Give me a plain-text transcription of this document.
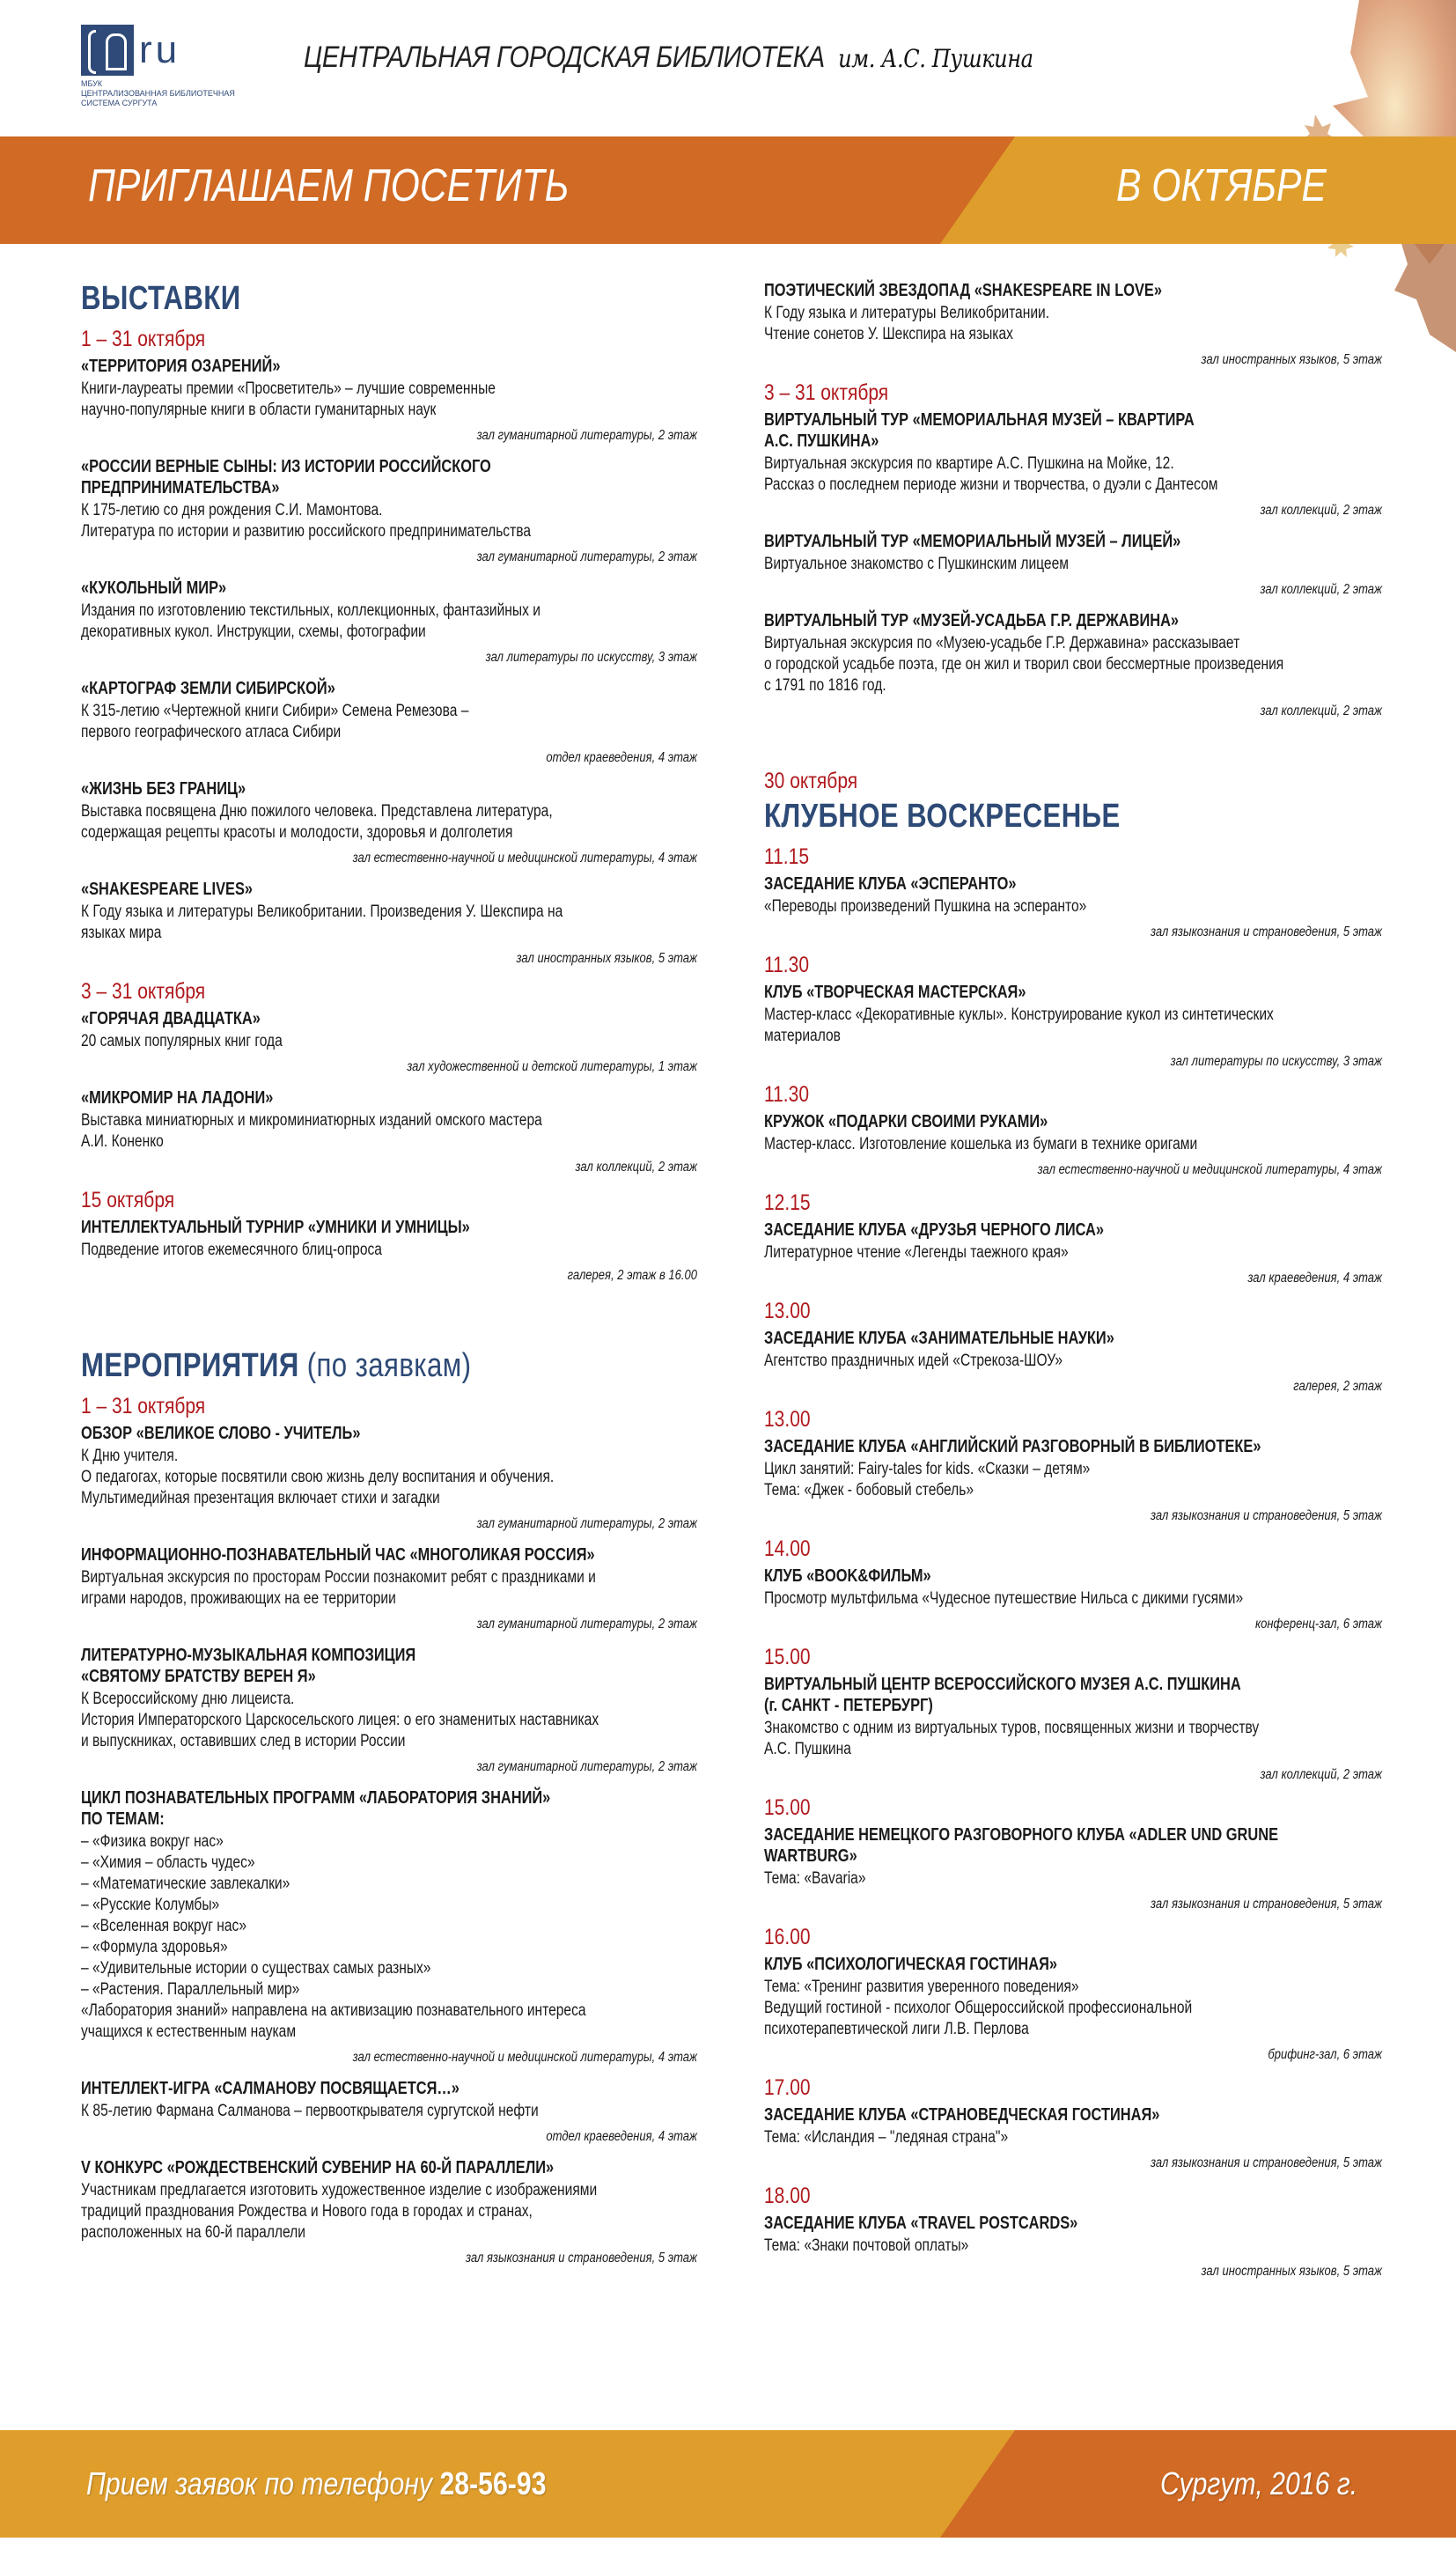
ru
МБУК
ЦЕНТРАЛИЗОВАННАЯ БИБЛИОТЕЧНАЯ
СИСТЕМА СУРГУТА
ЦЕНТРАЛЬНАЯ ГОРОДСКАЯ БИБЛИОТЕКА им. А.С. Пушкина
ПРИГЛАШАЕМ ПОСЕТИТЬ	В ОКТЯБРЕ
ВЫСТАВКИ
1 – 31 октября
«ТЕРРИТОРИЯ ОЗАРЕНИЙ»
Книги-лауреаты премии «Просветитель» – лучшие современные
научно-популярные книги в области гуманитарных наук
зал гуманитарной литературы, 2 этаж
«РОССИИ ВЕРНЫЕ СЫНЫ: ИЗ ИСТОРИИ РОССИЙСКОГО
ПРЕДПРИНИМАТЕЛЬСТВА»
К 175-летию со дня рождения С.И. Мамонтова.
Литература по истории и развитию российского предпринимательства
зал гуманитарной литературы, 2 этаж
«КУКОЛЬНЫЙ МИР»
Издания по изготовлению текстильных, коллекционных, фантазийных и
декоративных кукол. Инструкции, схемы, фотографии
зал литературы по искусству, 3 этаж
«КАРТОГРАФ ЗЕМЛИ СИБИРСКОЙ»
К 315-летию «Чертежной книги Сибири» Семена Ремезова –
первого географического атласа Сибири
отдел краеведения, 4 этаж
«ЖИЗНЬ БЕЗ ГРАНИЦ»
Выставка посвящена Дню пожилого человека. Представлена литература,
содержащая рецепты красоты и молодости, здоровья и долголетия
зал естественно-научной и медицинской литературы, 4 этаж
«SHAKESPEARE LIVES»
К Году языка и литературы Великобритании. Произведения У. Шекспира на
языках мира
зал иностранных языков, 5 этаж
3 – 31 октября
«ГОРЯЧАЯ ДВАДЦАТКА»
20 самых популярных книг года
зал художественной и детской литературы, 1 этаж
«МИКРОМИР НА ЛАДОНИ»
Выставка миниатюрных и микроминиатюрных изданий омского мастера
А.И. Коненко
зал коллекций, 2 этаж
15 октября
ИНТЕЛЛЕКТУАЛЬНЫЙ ТУРНИР «УМНИКИ И УМНИЦЫ»
Подведение итогов ежемесячного блиц-опроса
галерея, 2 этаж в 16.00
МЕРОПРИЯТИЯ (по заявкам)
1 – 31 октября
ОБЗОР «ВЕЛИКОЕ СЛОВО - УЧИТЕЛЬ»
К Дню учителя.
О педагогах, которые посвятили свою жизнь делу воспитания и обучения.
Мультимедийная презентация включает стихи и загадки
зал гуманитарной литературы, 2 этаж
ИНФОРМАЦИОННО-ПОЗНАВАТЕЛЬНЫЙ ЧАС «МНОГОЛИКАЯ РОССИЯ»
Виртуальная экскурсия по просторам России познакомит ребят с праздниками и
играми народов, проживающих на ее территории
зал гуманитарной литературы, 2 этаж
ЛИТЕРАТУРНО-МУЗЫКАЛЬНАЯ КОМПОЗИЦИЯ
«СВЯТОМУ БРАТСТВУ ВЕРЕН Я»
К Всероссийскому дню лицеиста.
История Императорского Царскосельского лицея: о его знаменитых наставниках
и выпускниках, оставивших след в истории России
зал гуманитарной литературы, 2 этаж
ЦИКЛ ПОЗНАВАТЕЛЬНЫХ ПРОГРАММ «ЛАБОРАТОРИЯ ЗНАНИЙ»
ПО ТЕМАМ:
– «Физика вокруг нас»
– «Химия – область чудес»
– «Математические завлекалки»
– «Русские Колумбы»
– «Вселенная вокруг нас»
– «Формула здоровья»
– «Удивительные истории о существах самых разных»
– «Растения. Параллельный мир»
«Лаборатория знаний» направлена на активизацию познавательного интереса
учащихся к естественным наукам
зал естественно-научной и медицинской литературы, 4 этаж
ИНТЕЛЛЕКТ-ИГРА «САЛМАНОВУ ПОСВЯЩАЕТСЯ…»
К 85-летию Фармана Салманова – первооткрывателя сургутской нефти
отдел краеведения, 4 этаж
V КОНКУРС «РОЖДЕСТВЕНСКИЙ СУВЕНИР НА 60-Й ПАРАЛЛЕЛИ»
Участникам предлагается изготовить художественное изделие с изображениями
традиций празднования Рождества и Нового года в городах и странах,
расположенных на 60-й параллели
зал языкознания и страноведения, 5 этаж
ПОЭТИЧЕСКИЙ ЗВЕЗДОПАД «SHAKESPEARE IN LOVE»
К Году языка и литературы Великобритании.
Чтение сонетов У. Шекспира на языках
зал иностранных языков, 5 этаж
3 – 31 октября
ВИРТУАЛЬНЫЙ ТУР «МЕМОРИАЛЬНАЯ МУЗЕЙ – КВАРТИРА
А.С. ПУШКИНА»
Виртуальная экскурсия по квартире А.С. Пушкина на Мойке, 12.
Рассказ о последнем периоде жизни и творчества, о дуэли с Дантесом
зал коллекций, 2 этаж
ВИРТУАЛЬНЫЙ ТУР «МЕМОРИАЛЬНЫЙ МУЗЕЙ – ЛИЦЕЙ»
Виртуальное знакомство с Пушкинским лицеем
зал коллекций, 2 этаж
ВИРТУАЛЬНЫЙ ТУР «МУЗЕЙ-УСАДЬБА Г.Р. ДЕРЖАВИНА»
Виртуальная экскурсия по «Музею-усадьбе Г.Р. Державина» рассказывает
о городской усадьбе поэта, где он жил и творил свои бессмертные произведения
с 1791 по 1816 год.
зал коллекций, 2 этаж
30 октября
КЛУБНОЕ ВОСКРЕСЕНЬЕ
11.15
ЗАСЕДАНИЕ КЛУБА «ЭСПЕРАНТО»
«Переводы произведений Пушкина на эсперанто»
зал языкознания и страноведения, 5 этаж
11.30
КЛУБ «ТВОРЧЕСКАЯ МАСТЕРСКАЯ»
Мастер-класс «Декоративные куклы». Конструирование кукол из синтетических
материалов
зал литературы по искусству, 3 этаж
11.30
КРУЖОК «ПОДАРКИ СВОИМИ РУКАМИ»
Мастер-класс. Изготовление кошелька из бумаги в технике оригами
зал естественно-научной и медицинской литературы, 4 этаж
12.15
ЗАСЕДАНИЕ КЛУБА «ДРУЗЬЯ ЧЕРНОГО ЛИСА»
Литературное чтение «Легенды таежного края»
зал краеведения, 4 этаж
13.00
ЗАСЕДАНИЕ КЛУБА «ЗАНИМАТЕЛЬНЫЕ НАУКИ»
Агентство праздничных идей «Стрекоза-ШОУ»
галерея, 2 этаж
13.00
ЗАСЕДАНИЕ КЛУБА «АНГЛИЙСКИЙ РАЗГОВОРНЫЙ В БИБЛИОТЕКЕ»
Цикл занятий: Fairy-tales for kids. «Сказки – детям»
Тема: «Джек - бобовый стебель»
зал языкознания и страноведения, 5 этаж
14.00
КЛУБ «BOOK&ФИЛЬМ»
Просмотр мультфильма «Чудесное путешествие Нильса с дикими гусями»
конференц-зал, 6 этаж
15.00
ВИРТУАЛЬНЫЙ ЦЕНТР ВСЕРОССИЙСКОГО МУЗЕЯ А.С. ПУШКИНА
(г. САНКТ - ПЕТЕРБУРГ)
Знакомство с одним из виртуальных туров, посвященных жизни и творчеству
А.С. Пушкина
зал коллекций, 2 этаж
15.00
ЗАСЕДАНИЕ НЕМЕЦКОГО РАЗГОВОРНОГО КЛУБА «ADLER UND GRUNE
WARTBURG»
Тема: «Bavaria»
зал языкознания и страноведения, 5 этаж
16.00
КЛУБ «ПСИХОЛОГИЧЕСКАЯ ГОСТИНАЯ»
Тема: «Тренинг развития уверенного поведения»
Ведущий гостиной - психолог Общероссийской профессиональной
психотерапевтической лиги Л.В. Перлова
брифинг-зал, 6 этаж
17.00
ЗАСЕДАНИЕ КЛУБА «СТРАНОВЕДЧЕСКАЯ ГОСТИНАЯ»
Тема: «Исландия – "ледяная страна"»
зал языкознания и страноведения, 5 этаж
18.00
ЗАСЕДАНИЕ КЛУБА «TRAVEL POSTCARDS»
Тема: «Знаки почтовой оплаты»
зал иностранных языков, 5 этаж
Прием заявок по телефону 28-56-93	Сургут, 2016 г.
